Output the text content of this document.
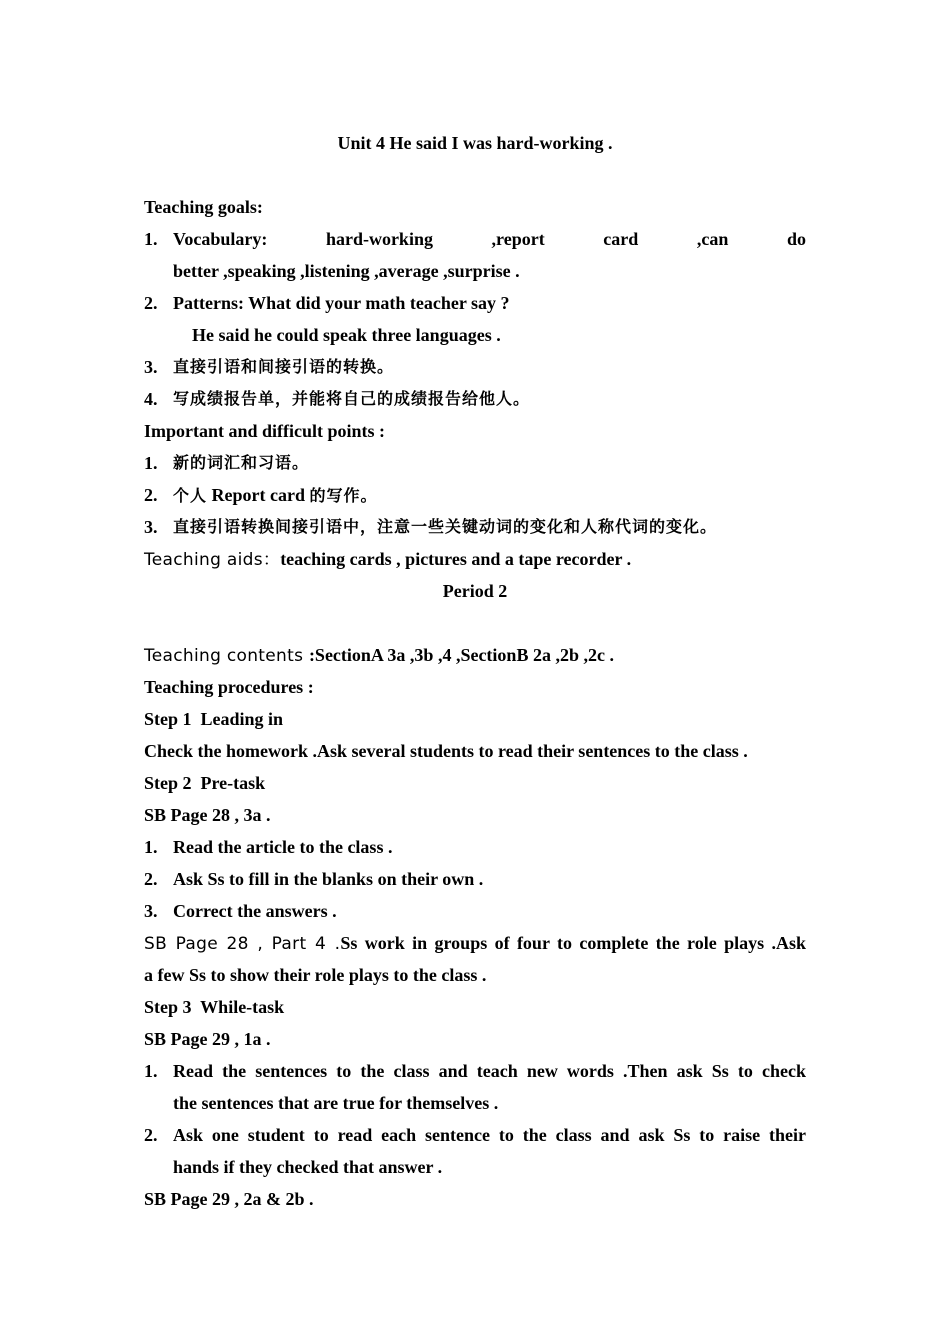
Unit 4 He said I was hard-working .
Teaching goals:
1. Vocabulary:	hard-working	,report	card	,can	do
better ,speaking ,listening ,average ,surprise .
2. Patterns: What did your math teacher say ?
He said he could speak three languages .
3. 直接引语和间接引语的转换。
4. 写成绩报告单，并能将自己的成绩报告给他人。
Important and difficult points :
1. 新的词汇和习语。
2. 个人 Report card 的写作。
3. 直接引语转换间接引语中，注意一些关键动词的变化和人称代词的变化。
Teaching aids：teaching cards , pictures and a tape recorder .
Period 2
Teaching contents :SectionA 3a ,3b ,4 ,SectionB 2a ,2b ,2c .
Teaching procedures :
Step 1  Leading in
Check the homework .Ask several students to read their sentences to the class .
Step 2  Pre-task
SB Page 28 , 3a .
1. Read the article to the class .
2. Ask Ss to fill in the blanks on their own .
3. Correct the answers .
SB Page 28 , Part 4 .Ss work in groups of four to complete the role plays .Ask
a few Ss to show their role plays to the class .
Step 3  While-task
SB Page 29 , 1a .
1. Read the sentences to the class and teach new words .Then ask Ss to check
the sentences that are true for themselves .
2. Ask one student to read each sentence to the class and ask Ss to raise their
hands if they checked that answer .
SB Page 29 , 2a & 2b .
